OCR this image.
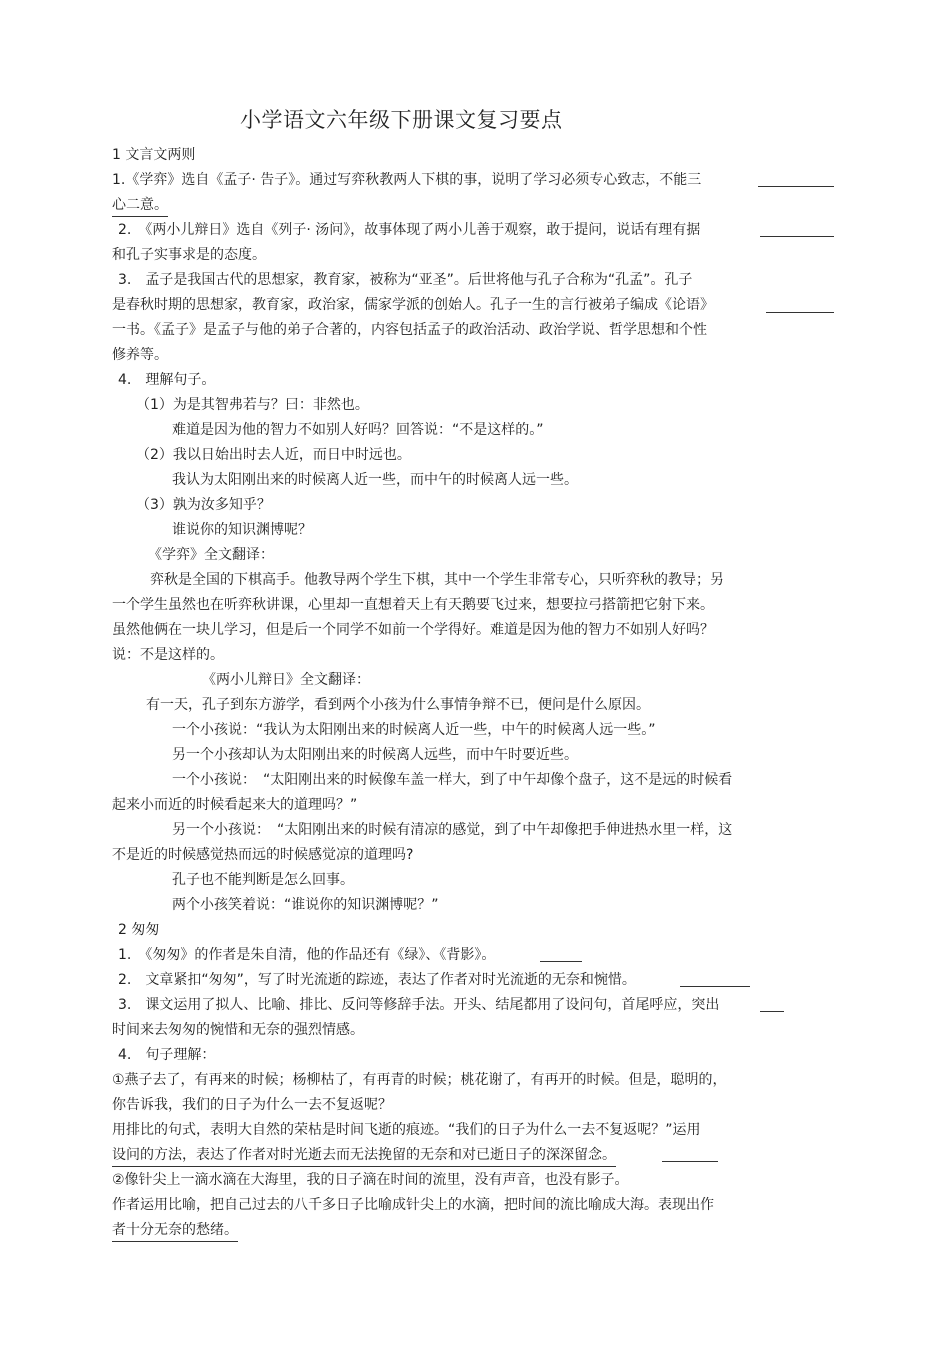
小学语文六年级下册课文复习要点
1 文言文两则
1.《学弈》选自《孟子· 告子》。通过写弈秋教两人下棋的事，说明了学习必须专心致志，不能三
心二意。
2.　《两小儿辩日》选自《列子· 汤问》，故事体现了两小儿善于观察，敢于提问，说话有理有据
和孔子实事求是的态度。
3.　孟子是我国古代的思想家，教育家，被称为“亚圣”。后世将他与孔子合称为“孔孟”。孔子
是春秋时期的思想家，教育家，政治家，儒家学派的创始人。孔子一生的言行被弟子编成《论语》
一书。《孟子》是孟子与他的弟子合著的，内容包括孟子的政治活动、政治学说、哲学思想和个性
修养等。
4.　理解句子。
（1）为是其智弗若与？曰：非然也。
难道是因为他的智力不如别人好吗？回答说：“不是这样的。”
（2）我以日始出时去人近，而日中时远也。
我认为太阳刚出来的时候离人近一些，而中午的时候离人远一些。
（3）孰为汝多知乎？
谁说你的知识渊博呢？
《学弈》全文翻译：
弈秋是全国的下棋高手。他教导两个学生下棋，其中一个学生非常专心，只听弈秋的教导；另
一个学生虽然也在听弈秋讲课，心里却一直想着天上有天鹅要飞过来，想要拉弓搭箭把它射下来。
虽然他俩在一块儿学习，但是后一个同学不如前一个学得好。难道是因为他的智力不如别人好吗？
说：不是这样的。
《两小儿辩日》全文翻译：
有一天，孔子到东方游学，看到两个小孩为什么事情争辩不已，便问是什么原因。
一个小孩说：“我认为太阳刚出来的时候离人近一些，中午的时候离人远一些。”
另一个小孩却认为太阳刚出来的时候离人远些，而中午时要近些。
一个小孩说：　“太阳刚出来的时候像车盖一样大，到了中午却像个盘子，这不是远的时候看
起来小而近的时候看起来大的道理吗？”
另一个小孩说：　“太阳刚出来的时候有清凉的感觉，到了中午却像把手伸进热水里一样，这
不是近的时候感觉热而远的时候感觉凉的道理吗?
孔子也不能判断是怎么回事。
两个小孩笑着说：“谁说你的知识渊博呢？”
2 匆匆
1.　《匆匆》的作者是朱自清，他的作品还有《绿》、《背影》。
2.　文章紧扣“匆匆”，写了时光流逝的踪迹，表达了作者对时光流逝的无奈和惋惜。
3.　课文运用了拟人、比喻、排比、反问等修辞手法。开头、结尾都用了设问句，首尾呼应，突出
时间来去匆匆的惋惜和无奈的强烈情感。
4.　句子理解：
①燕子去了，有再来的时候；杨柳枯了，有再青的时候；桃花谢了，有再开的时候。但是，聪明的，
你告诉我，我们的日子为什么一去不复返呢？
用排比的句式，表明大自然的荣枯是时间飞逝的痕迹。“我们的日子为什么一去不复返呢？”运用
设问的方法，表达了作者对时光逝去而无法挽留的无奈和对已逝日子的深深留念。
②像针尖上一滴水滴在大海里，我的日子滴在时间的流里，没有声音，也没有影子。
作者运用比喻，把自己过去的八千多日子比喻成针尖上的水滴，把时间的流比喻成大海。表现出作
者十分无奈的愁绪。
